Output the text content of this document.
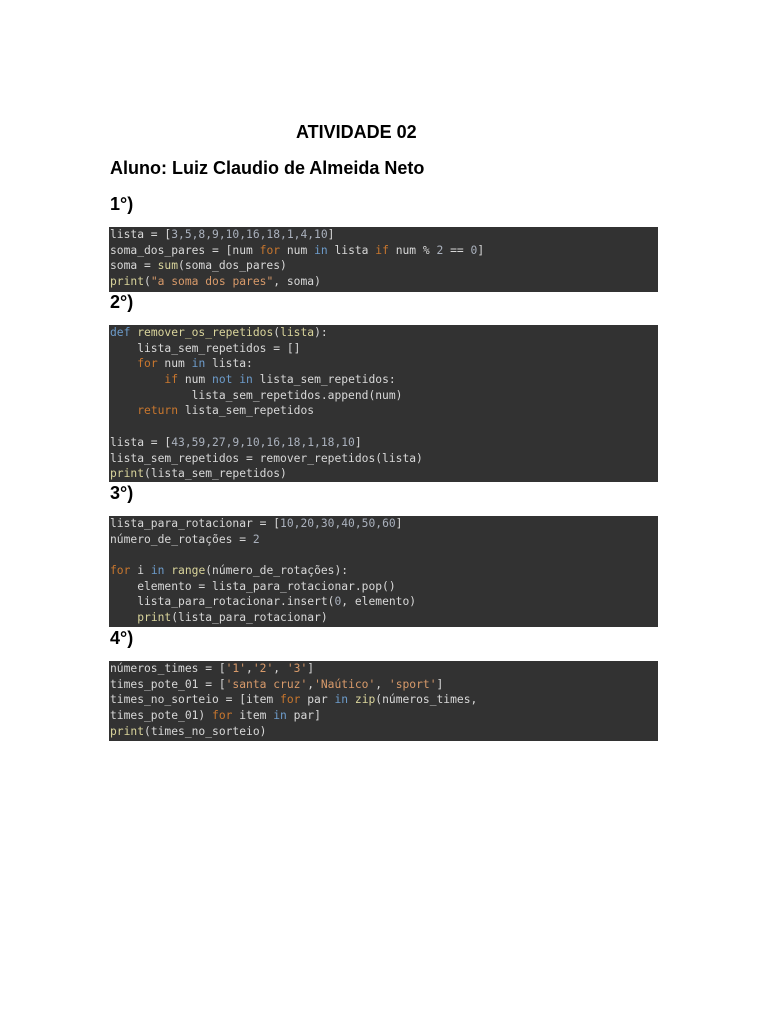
ATIVIDADE 02
Aluno: Luiz Claudio de Almeida Neto
1°)
lista = [3,5,8,9,10,16,18,1,4,10]
soma_dos_pares = [num for num in lista if num % 2 == 0]
soma = sum(soma_dos_pares)
print("a soma dos pares", soma)
2°)
def remover_os_repetidos(lista):
lista_sem_repetidos = []
for num in lista:
if num not in lista_sem_repetidos:
lista_sem_repetidos.append(num)
return lista_sem_repetidos
lista = [43,59,27,9,10,16,18,1,18,10]
lista_sem_repetidos = remover_repetidos(lista)
print(lista_sem_repetidos)
3°)
lista_para_rotacionar = [10,20,30,40,50,60]
número_de_rotações = 2
for i in range(número_de_rotações):
elemento = lista_para_rotacionar.pop()
lista_para_rotacionar.insert(0, elemento)
print(lista_para_rotacionar)
4°)
números_times = ['1','2', '3']
times_pote_01 = ['santa cruz','Naútico', 'sport']
times_no_sorteio = [item for par in zip(números_times,
times_pote_01) for item in par]
print(times_no_sorteio)
